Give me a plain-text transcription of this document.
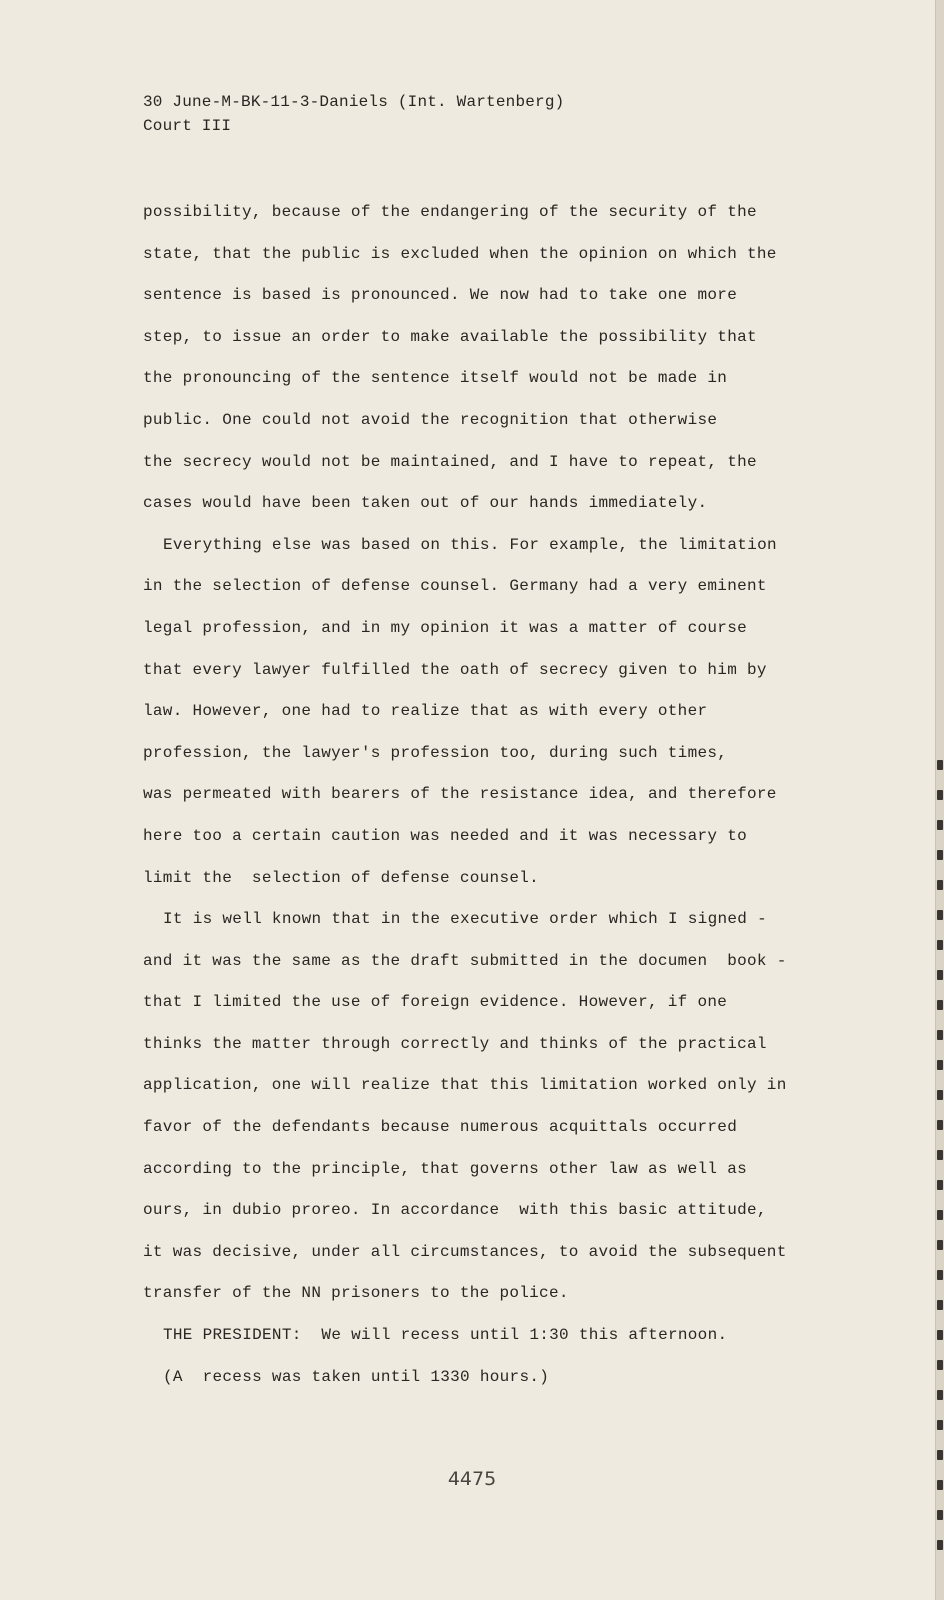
30 June-M-BK-11-3-Daniels (Int. Wartenberg)
Court III
possibility, because of the endangering of the security of the
state, that the public is excluded when the opinion on which the
sentence is based is pronounced. We now had to take one more
step, to issue an order to make available the possibility that
the pronouncing of the sentence itself would not be made in
public. One could not avoid the recognition that otherwise
the secrecy would not be maintained, and I have to repeat, the
cases would have been taken out of our hands immediately.
Everything else was based on this. For example, the limitation
in the selection of defense counsel. Germany had a very eminent
legal profession, and in my opinion it was a matter of course
that every lawyer fulfilled the oath of secrecy given to him by
law. However, one had to realize that as with every other
profession, the lawyer's profession too, during such times,
was permeated with bearers of the resistance idea, and therefore
here too a certain caution was needed and it was necessary to
limit the  selection of defense counsel.
It is well known that in the executive order which I signed -
and it was the same as the draft submitted in the documen  book -
that I limited the use of foreign evidence. However, if one
thinks the matter through correctly and thinks of the practical
application, one will realize that this limitation worked only in
favor of the defendants because numerous acquittals occurred
according to the principle, that governs other law as well as
ours, in dubio proreo. In accordance  with this basic attitude,
it was decisive, under all circumstances, to avoid the subsequent
transfer of the NN prisoners to the police.
THE PRESIDENT:  We will recess until 1:30 this afternoon.
(A  recess was taken until 1330 hours.)
4475
